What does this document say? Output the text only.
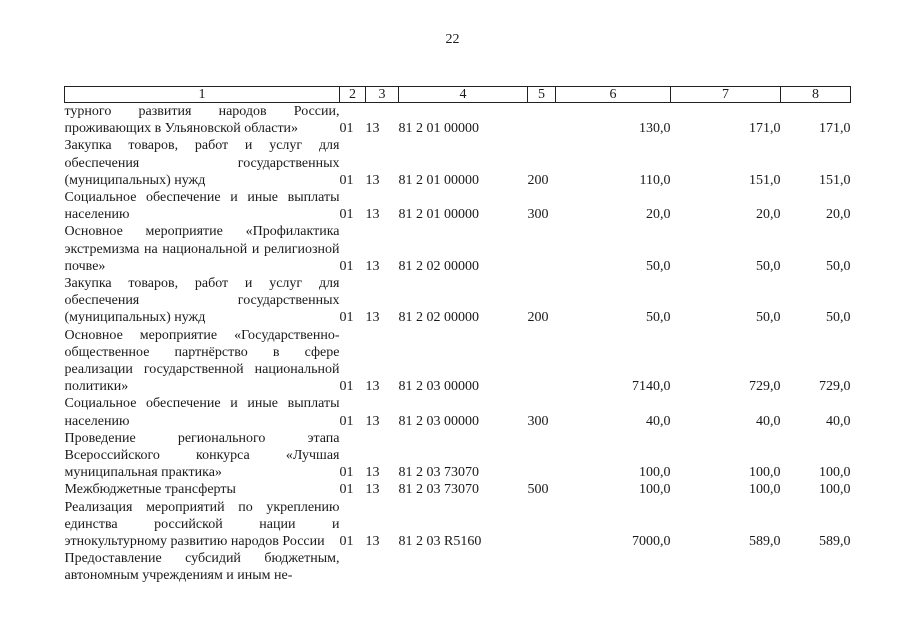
22
1	2	3	4	5	6	7	8
турного развития народов России, проживающих в Ульяновской области»	01	13	81 2 01 00000		130,0	171,0	171,0
Закупка товаров, работ и услуг для обеспечения государственных (муниципальных) нужд	01	13	81 2 01 00000	200	110,0	151,0	151,0
Социальное обеспечение и иные выплаты населению	01	13	81 2 01 00000	300	20,0	20,0	20,0
Основное мероприятие «Профилактика экстремизма на национальной и религиозной почве»	01	13	81 2 02 00000		50,0	50,0	50,0
Закупка товаров, работ и услуг для обеспечения государственных (муниципальных) нужд	01	13	81 2 02 00000	200	50,0	50,0	50,0
Основное мероприятие «Государственно-общественное партнёрство в сфере реализации государственной национальной политики»	01	13	81 2 03 00000		7140,0	729,0	729,0
Социальное обеспечение и иные выплаты населению	01	13	81 2 03 00000	300	40,0	40,0	40,0
Проведение регионального этапа Всероссийского конкурса «Лучшая муниципальная практика»	01	13	81 2 03 73070		100,0	100,0	100,0
Межбюджетные трансферты	01	13	81 2 03 73070	500	100,0	100,0	100,0
Реализация мероприятий по укреплению единства российской нации и этнокультурному развитию народов России	01	13	81 2 03 R5160		7000,0	589,0	589,0
Предоставление субсидий бюджетным, автономным учреждениям и иным не-							
